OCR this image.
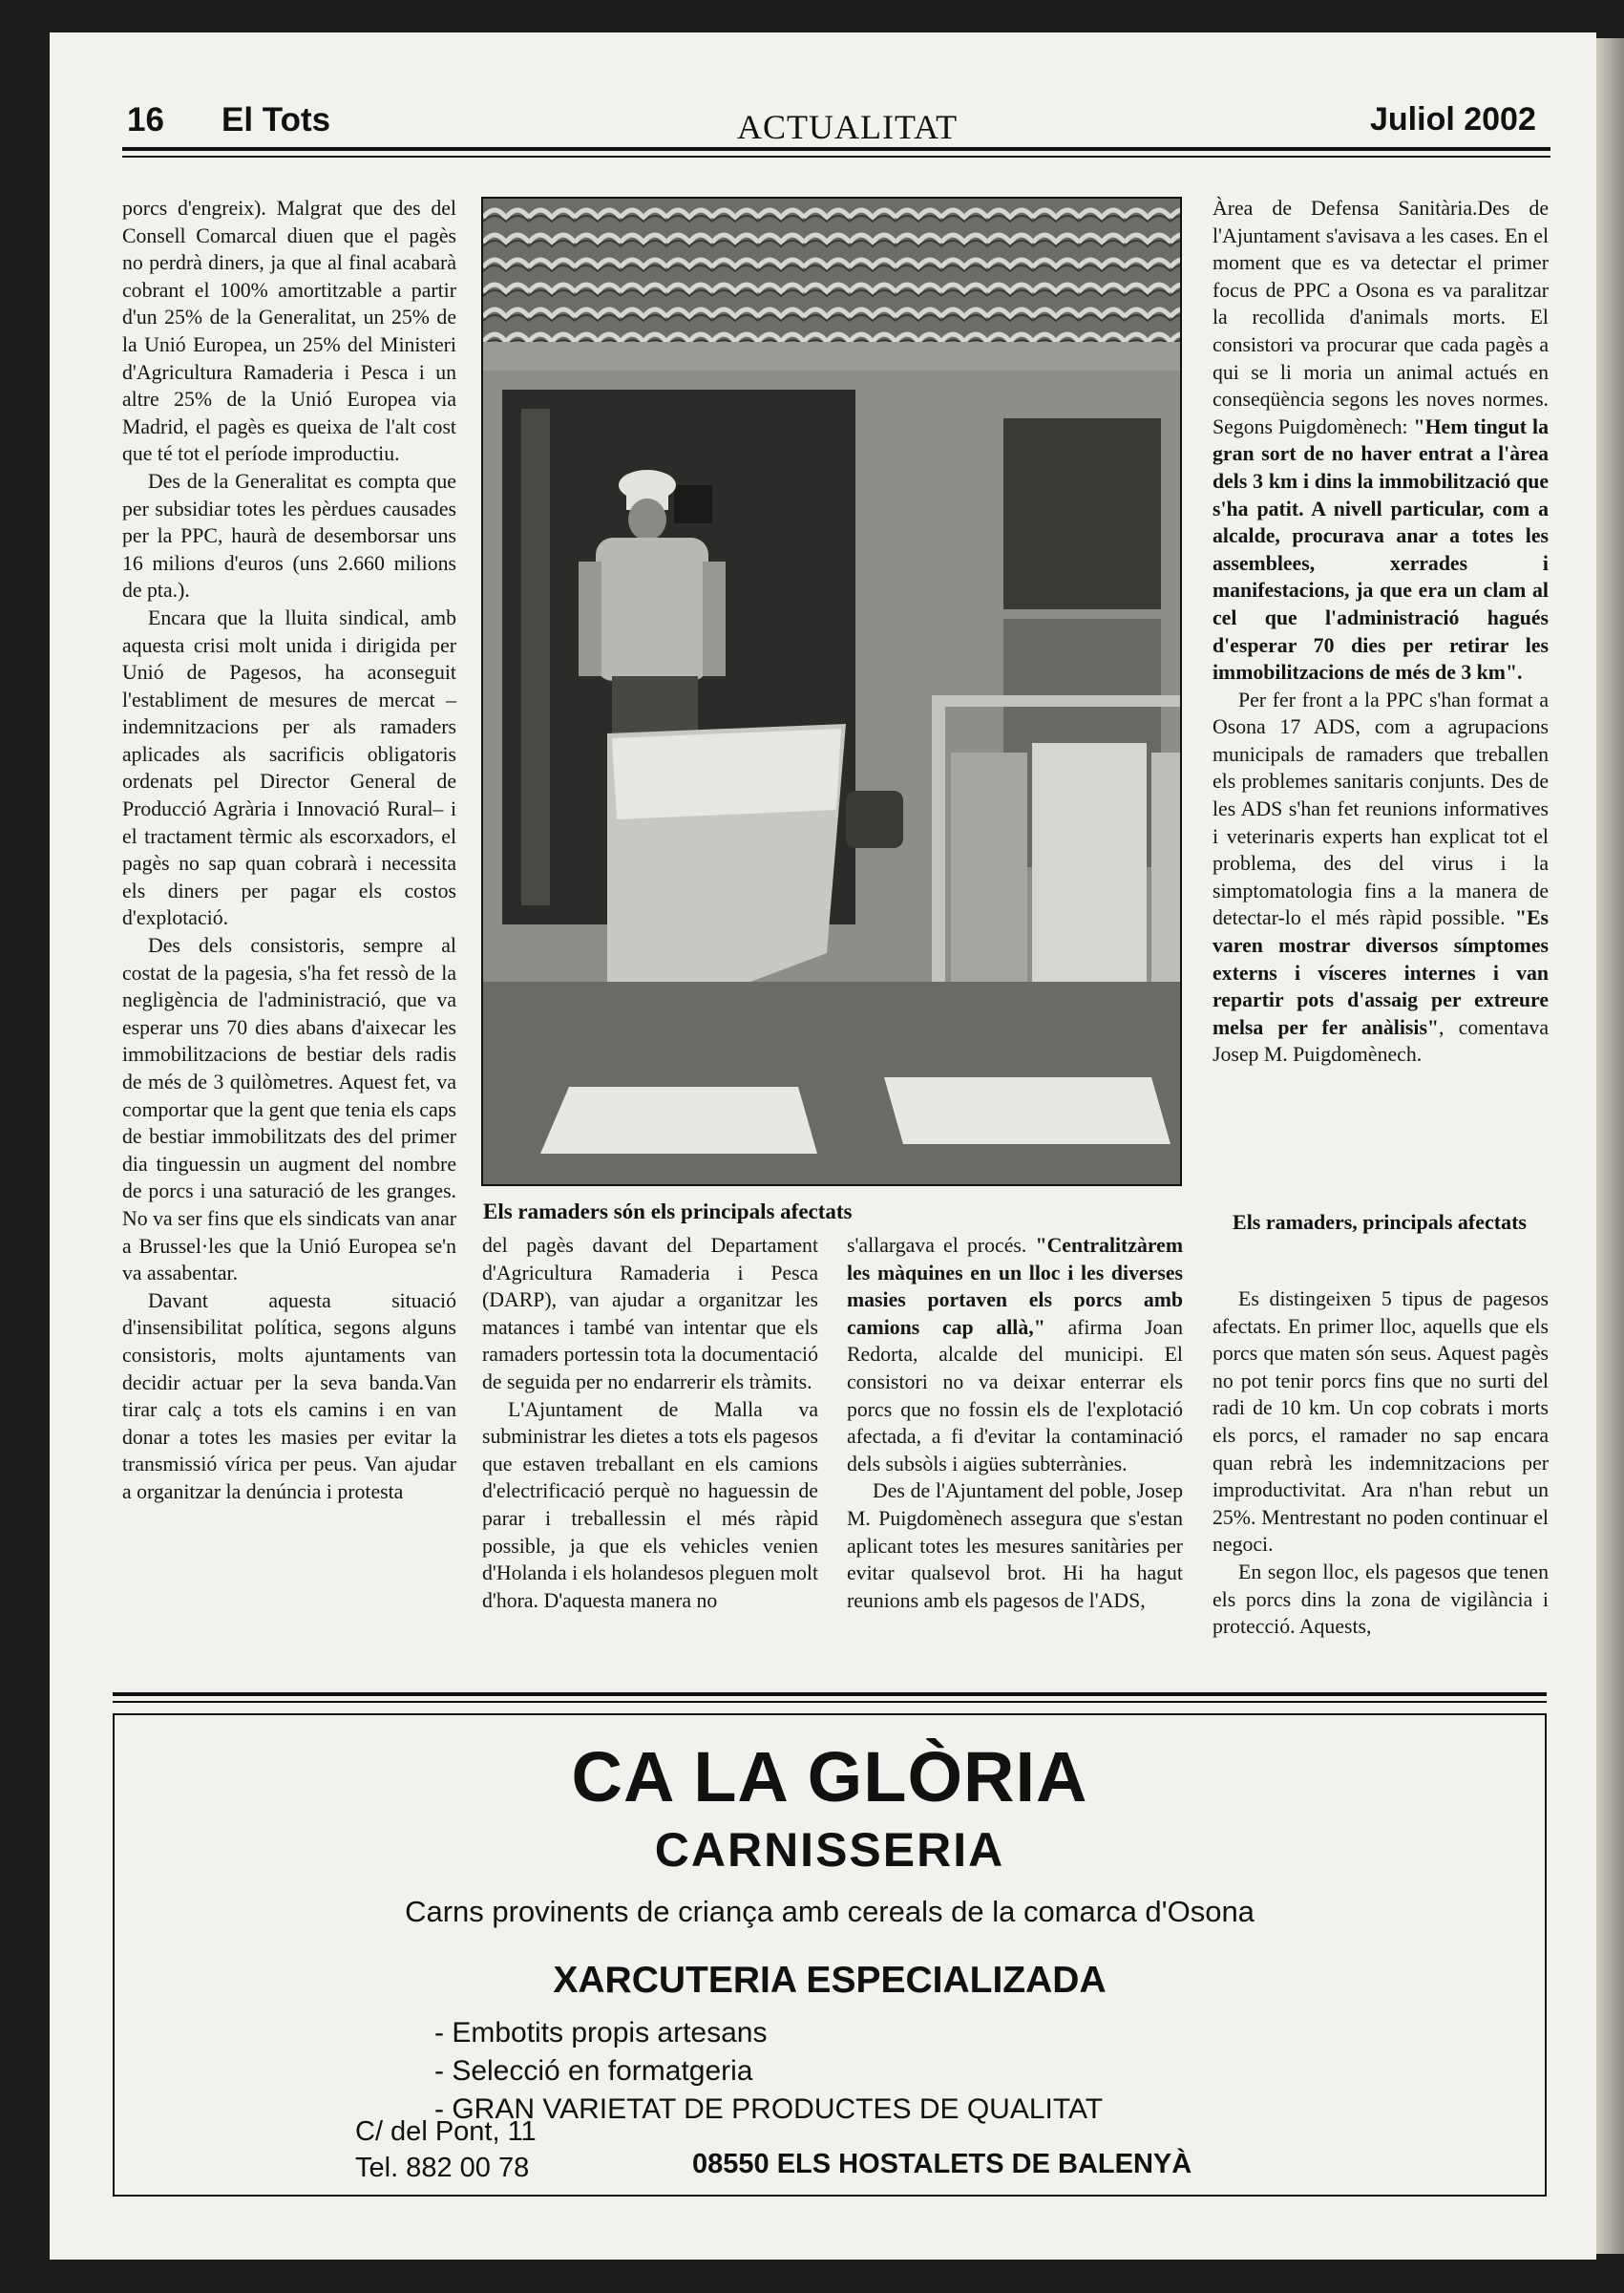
16 El Tots	ACTUALITAT	Juliol 2002

porcs d'engreix). Malgrat que des del Consell Comarcal diuen que el pagès no perdrà diners, ja que al final acabarà cobrant el 100% amortitzable a partir d'un 25% de la Generalitat, un 25% de la Unió Europea, un 25% del Ministeri d'Agricultura Ramaderia i Pesca i un altre 25% de la Unió Europea via Madrid, el pagès es queixa de l'alt cost que té tot el període improductiu.

Des de la Generalitat es compta que per subsidiar totes les pèrdues causades per la PPC, haurà de desemborsar uns 16 milions d'euros (uns 2.660 milions de pta.).

Encara que la lluita sindical, amb aquesta crisi molt unida i dirigida per Unió de Pagesos, ha aconseguit l'establiment de mesures de mercat –indemnitzacions per als ramaders aplicades als sacrificis obligatoris ordenats pel Director General de Producció Agrària i Innovació Rural– i el tractament tèrmic als escorxadors, el pagès no sap quan cobrarà i necessita els diners per pagar els costos d'explotació.

Des dels consistoris, sempre al costat de la pagesia, s'ha fet ressò de la negligència de l'administració, que va esperar uns 70 dies abans d'aixecar les immobilitzacions de bestiar dels radis de més de 3 quilòmetres. Aquest fet, va comportar que la gent que tenia els caps de bestiar immobilitzats des del primer dia tinguessin un augment del nombre de porcs i una saturació de les granges. No va ser fins que els sindicats van anar a Brussel·les que la Unió Europea se'n va assabentar.

Davant aquesta situació d'insensibilitat política, segons alguns consistoris, molts ajuntaments van decidir actuar per la seva banda.Van tirar calç a tots els camins i en van donar a totes les masies per evitar la transmissió vírica per peus. Van ajudar a organitzar la denúncia i protesta

Els ramaders són els principals afectats

del pagès davant del Departament d'Agricultura Ramaderia i Pesca (DARP), van ajudar a organitzar les matances i també van intentar que els ramaders portessin tota la documentació de seguida per no endarrerir els tràmits.

L'Ajuntament de Malla va subministrar les dietes a tots els pagesos que estaven treballant en els camions d'electrificació perquè no haguessin de parar i treballessin el més ràpid possible, ja que els vehicles venien d'Holanda i els holandesos pleguen molt d'hora. D'aquesta manera no

s'allargava el procés. "Centralitzàrem les màquines en un lloc i les diverses masies portaven els porcs amb camions cap allà," afirma Joan Redorta, alcalde del municipi. El consistori no va deixar enterrar els porcs que no fossin els de l'explotació afectada, a fi d'evitar la contaminació dels subsòls i aigües subterrànies.

Des de l'Ajuntament del poble, Josep M. Puigdomènech assegura que s'estan aplicant totes les mesures sanitàries per evitar qualsevol brot. Hi ha hagut reunions amb els pagesos de l'ADS,

Àrea de Defensa Sanitària.Des de l'Ajuntament s'avisava a les cases. En el moment que es va detectar el primer focus de PPC a Osona es va paralitzar la recollida d'animals morts. El consistori va procurar que cada pagès a qui se li moria un animal actués en conseqüència segons les noves normes. Segons Puigdomènech: "Hem tingut la gran sort de no haver entrat a l'àrea dels 3 km i dins la immobilització que s'ha patit. A nivell particular, com a alcalde, procurava anar a totes les assemblees, xerrades i manifestacions, ja que era un clam al cel que l'administració hagués d'esperar 70 dies per retirar les immobilitzacions de més de 3 km".

Per fer front a la PPC s'han format a Osona 17 ADS, com a agrupacions municipals de ramaders que treballen els problemes sanitaris conjunts. Des de les ADS s'han fet reunions informatives i veterinaris experts han explicat tot el problema, des del virus i la simptomatologia fins a la manera de detectar-lo el més ràpid possible. "Es varen mostrar diversos símptomes externs i vísceres internes i van repartir pots d'assaig per extreure melsa per fer anàlisis", comentava Josep M. Puigdomènech.

Els ramaders, principals afectats

Es distingeixen 5 tipus de pagesos afectats. En primer lloc, aquells que els porcs que maten són seus. Aquest pagès no pot tenir porcs fins que no surti del radi de 10 km. Un cop cobrats i morts els porcs, el ramader no sap encara quan rebrà les indemnitzacions per improductivitat. Ara n'han rebut un 25%. Mentrestant no poden continuar el negoci.

En segon lloc, els pagesos que tenen els porcs dins la zona de vigilància i protecció. Aquests,

CA LA GLÒRIA
CARNISSERIA
Carns provinents de criança amb cereals de la comarca d'Osona
XARCUTERIA ESPECIALIZADA
- Embotits propis artesans
- Selecció en formatgeria
- GRAN VARIETAT DE PRODUCTES DE QUALITAT
C/ del Pont, 11
Tel. 882 00 78	08550 ELS HOSTALETS DE BALENYÀ
